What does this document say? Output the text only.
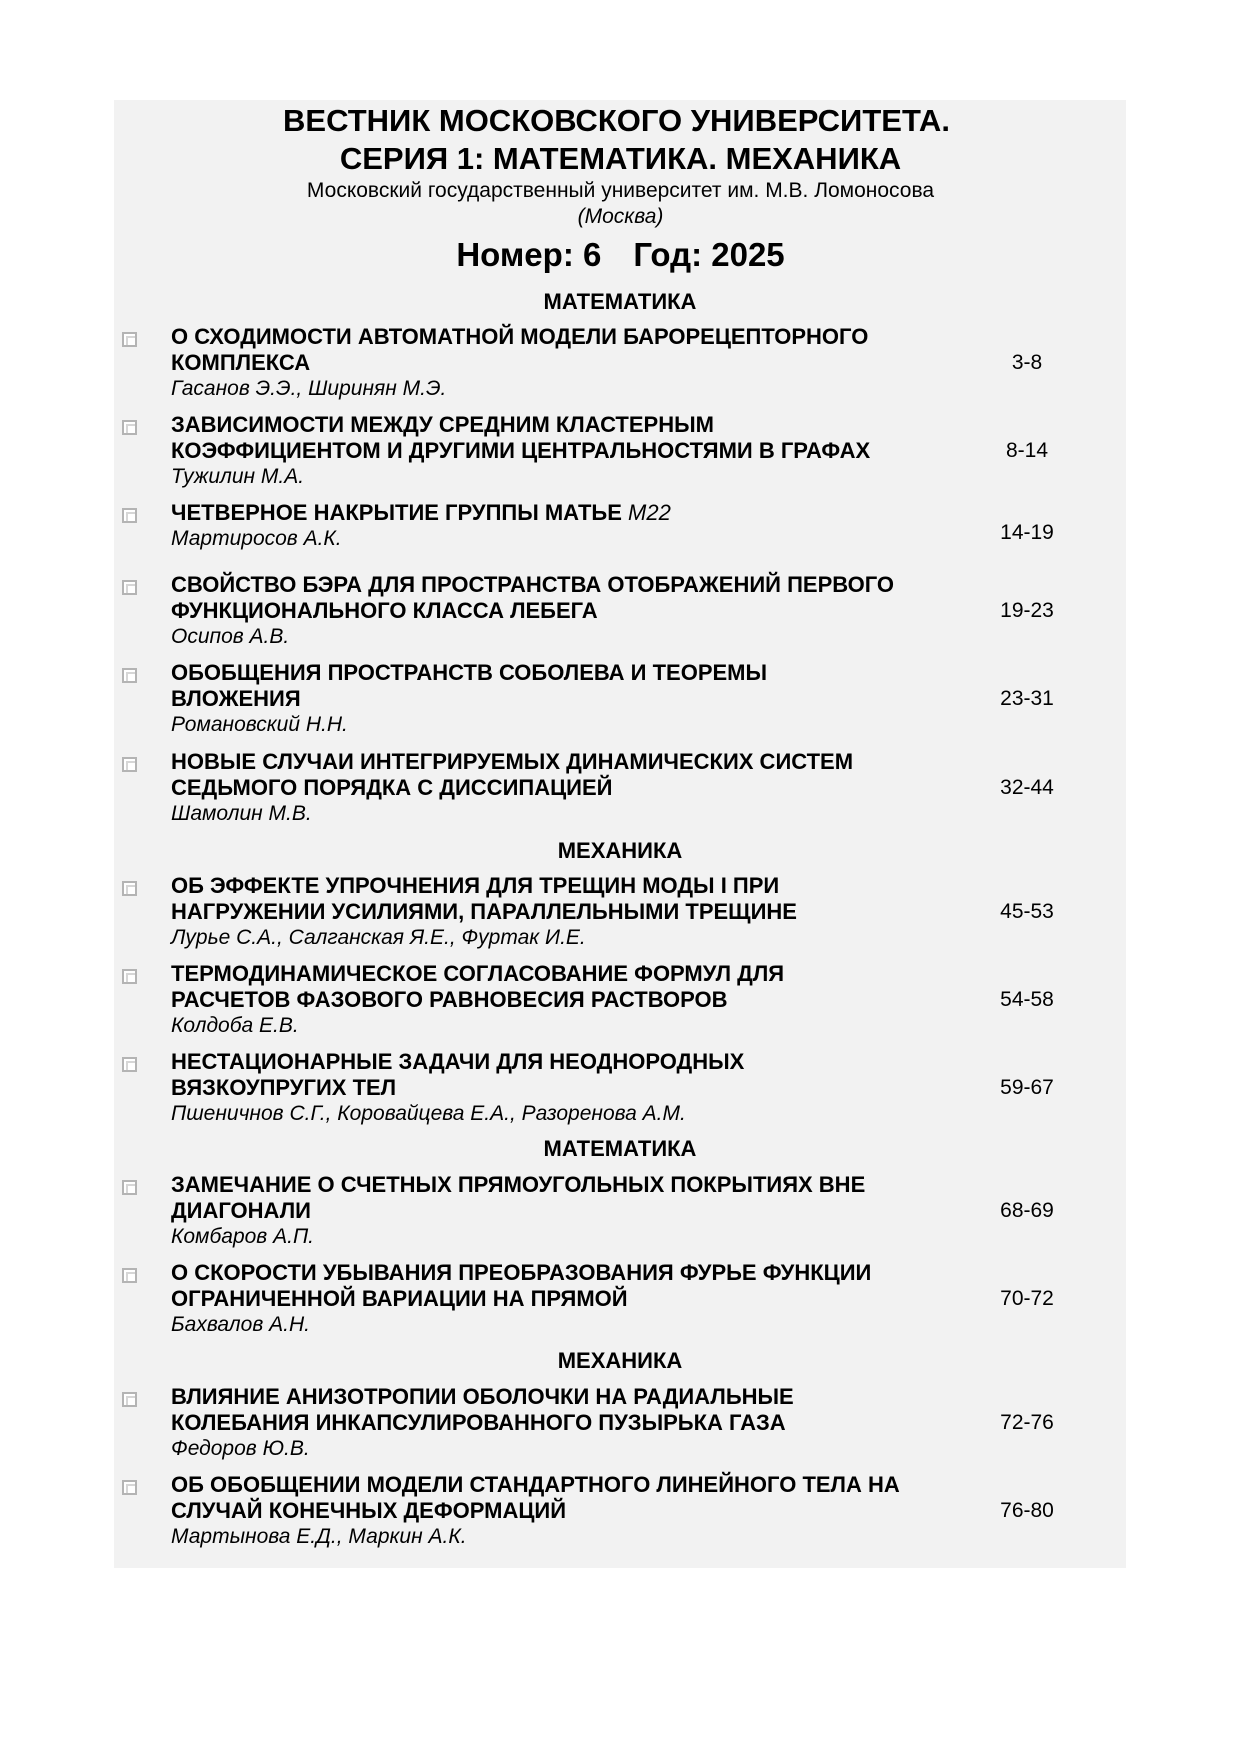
ВЕСТНИК МОСКОВСКОГО УНИВЕРСИТЕТА.
СЕРИЯ 1: МАТЕМАТИКА. МЕХАНИКА
Московский государственный университет им. М.В. Ломоносова
(Москва)
Номер: 6 Год: 2025
МАТЕМАТИКА
О СХОДИМОСТИ АВТОМАТНОЙ МОДЕЛИ БАРОРЕЦЕПТОРНОГО
КОМПЛЕКСА
Гасанов Э.Э., Ширинян М.Э.
3-8
ЗАВИСИМОСТИ МЕЖДУ СРЕДНИМ КЛАСТЕРНЫМ
КОЭФФИЦИЕНТОМ И ДРУГИМИ ЦЕНТРАЛЬНОСТЯМИ В ГРАФАХ
Тужилин М.А.
8-14
ЧЕТВЕРНОЕ НАКРЫТИЕ ГРУППЫ МАТЬЕ M22
Мартиросов А.К.	14-19
СВОЙСТВО БЭРА ДЛЯ ПРОСТРАНСТВА ОТОБРАЖЕНИЙ ПЕРВОГО
ФУНКЦИОНАЛЬНОГО КЛАССА ЛЕБЕГА
Осипов А.В.
19-23
ОБОБЩЕНИЯ ПРОСТРАНСТВ СОБОЛЕВА И ТЕОРЕМЫ
ВЛОЖЕНИЯ
Романовский Н.Н.
23-31
НОВЫЕ СЛУЧАИ ИНТЕГРИРУЕМЫХ ДИНАМИЧЕСКИХ СИСТЕМ
СЕДЬМОГО ПОРЯДКА С ДИССИПАЦИЕЙ
Шамолин М.В.
32-44
МЕХАНИКА
ОБ ЭФФЕКТЕ УПРОЧНЕНИЯ ДЛЯ ТРЕЩИН МОДЫ I ПРИ
НАГРУЖЕНИИ УСИЛИЯМИ, ПАРАЛЛЕЛЬНЫМИ ТРЕЩИНЕ
Лурье С.А., Салганская Я.Е., Фуртак И.Е.
45-53
ТЕРМОДИНАМИЧЕСКОЕ СОГЛАСОВАНИЕ ФОРМУЛ ДЛЯ
РАСЧЕТОВ ФАЗОВОГО РАВНОВЕСИЯ РАСТВОРОВ
Колдоба Е.В.
54-58
НЕСТАЦИОНАРНЫЕ ЗАДАЧИ ДЛЯ НЕОДНОРОДНЫХ
ВЯЗКОУПРУГИХ ТЕЛ
Пшеничнов С.Г., Коровайцева Е.А., Разоренова А.М.
59-67
МАТЕМАТИКА
ЗАМЕЧАНИЕ О СЧЕТНЫХ ПРЯМОУГОЛЬНЫХ ПОКРЫТИЯХ ВНЕ
ДИАГОНАЛИ
Комбаров А.П.
68-69
О СКОРОСТИ УБЫВАНИЯ ПРЕОБРАЗОВАНИЯ ФУРЬЕ ФУНКЦИИ
ОГРАНИЧЕННОЙ ВАРИАЦИИ НА ПРЯМОЙ
Бахвалов А.Н.
70-72
МЕХАНИКА
ВЛИЯНИЕ АНИЗОТРОПИИ ОБОЛОЧКИ НА РАДИАЛЬНЫЕ
КОЛЕБАНИЯ ИНКАПСУЛИРОВАННОГО ПУЗЫРЬКА ГАЗА
Федоров Ю.В.
72-76
ОБ ОБОБЩЕНИИ МОДЕЛИ СТАНДАРТНОГО ЛИНЕЙНОГО ТЕЛА НА
СЛУЧАЙ КОНЕЧНЫХ ДЕФОРМАЦИЙ
Мартынова Е.Д., Маркин А.К.
76-80
